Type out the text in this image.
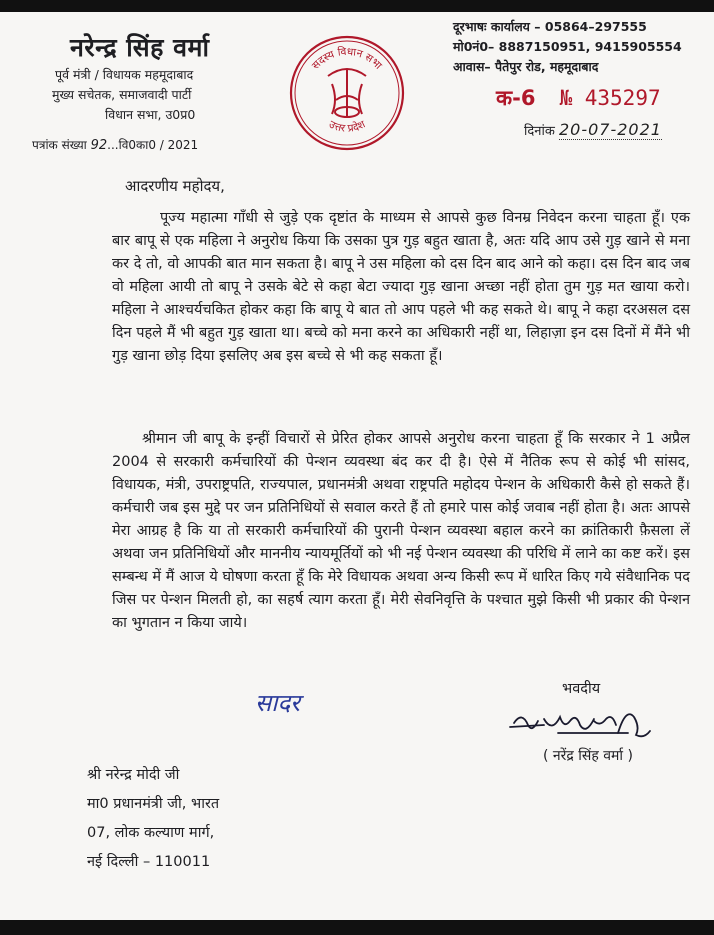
नरेन्द्र सिंह वर्मा
पूर्व मंत्री / विधायक महमूदाबाद
मुख्य सचेतक, समाजवादी पार्टी
विधान सभा, उ0प्र0
पत्रांक संख्या 92...वि0का0 / 2021
सदस्य विधान सभा
उत्तर प्रदेश
दूरभाषः कार्यालय – 05864–297555
मो0नं0– 8887150951, 9415905554
आवास– पैतेपुर रोड, महमूदाबाद
क-6 № 435297
दिनांक 20-07-2021
आदरणीय महोदय,

पूज्य महात्मा गाँधी से जुड़े एक दृष्टांत के माध्यम से आपसे कुछ विनम्र निवेदन करना चाहता हूँ। एक बार बापू से एक महिला ने अनुरोध किया कि उसका पुत्र गुड़ बहुत खाता है, अतः यदि आप उसे गुड़ खाने से मना कर दे तो, वो आपकी बात मान सकता है। बापू ने उस महिला को दस दिन बाद आने को कहा। दस दिन बाद जब वो महिला आयी तो बापू ने उसके बेटे से कहा बेटा ज्यादा गुड़ खाना अच्छा नहीं होता तुम गुड़ मत खाया करो। महिला ने आश्चर्यचकित होकर कहा कि बापू ये बात तो आप पहले भी कह सकते थे। बापू ने कहा दरअसल दस दिन पहले मैं भी बहुत गुड़ खाता था। बच्चे को मना करने का अधिकारी नहीं था, लिहाज़ा इन दस दिनों में मैंने भी गुड़ खाना छोड़ दिया इसलिए अब इस बच्चे से भी कह सकता हूँ।

श्रीमान जी बापू के इन्हीं विचारों से प्रेरित होकर आपसे अनुरोध करना चाहता हूँ कि सरकार ने 1 अप्रैल 2004 से सरकारी कर्मचारियों की पेन्शन व्यवस्था बंद कर दी है। ऐसे में नैतिक रूप से कोई भी सांसद, विधायक, मंत्री, उपराष्ट्रपति, राज्यपाल, प्रधानमंत्री अथवा राष्ट्रपति महोदय पेन्शन के अधिकारी कैसे हो सकते हैं। कर्मचारी जब इस मुद्दे पर जन प्रतिनिधियों से सवाल करते हैं तो हमारे पास कोई जवाब नहीं होता है। अतः आपसे मेरा आग्रह है कि या तो सरकारी कर्मचारियों की पुरानी पेन्शन व्यवस्था बहाल करने का क्रांतिकारी फ़ैसला लें अथवा जन प्रतिनिधियों और माननीय न्यायमूर्तियों को भी नई पेन्शन व्यवस्था की परिधि में लाने का कष्ट करें। इस सम्बन्ध में मैं आज ये घोषणा करता हूँ कि मेरे विधायक अथवा अन्य किसी रूप में धारित किए गये संवैधानिक पद जिस पर पेन्शन मिलती हो, का सहर्ष त्याग करता हूँ। मेरी सेवनिवृत्ति के पश्चात मुझे किसी भी प्रकार की पेन्शन का भुगतान न किया जाये।

सादर	भवदीय
( नरेंद्र सिंह वर्मा )
श्री नरेन्द्र मोदी जी
मा0 प्रधानमंत्री जी, भारत
07, लोक कल्याण मार्ग,
नई दिल्ली – 110011
